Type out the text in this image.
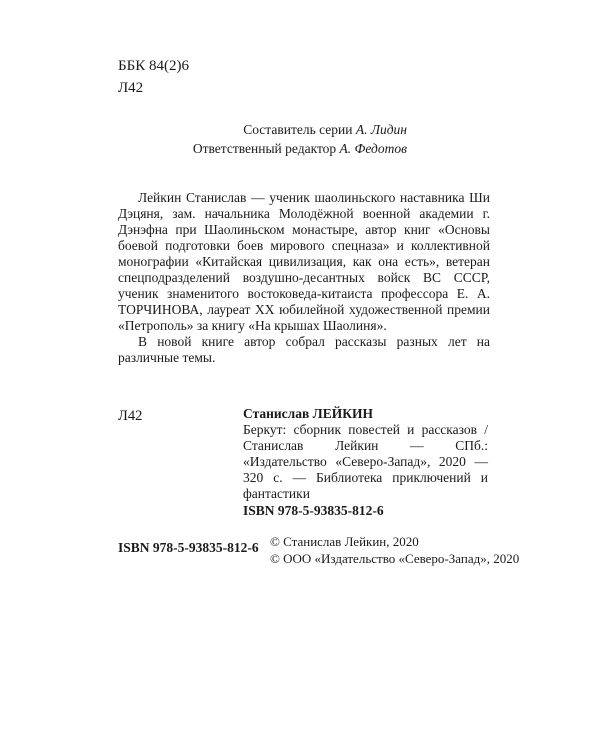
ББК 84(2)6
Л42
Составитель серии А. Лидин
Ответственный редактор А. Федотов

Лейкин Станислав — ученик шаолиньского наставника Ши Дэцяня, зам. начальника Молодёжной военной академии г. Дэнэфна при Шаолиньском монастыре, автор книг «Основы боевой подготовки боев мирового спецназа» и коллективной монографии «Китайская цивилизация, как она есть», ветеран спецподразделений воздушно-десантных войск ВС СССР, ученик знаменитого востоковеда-китаиста профессора Е. А. ТОРЧИНОВА, лауреат XX юбилейной художественной премии «Петрополь» за книгу «На крышах Шаолиня».

В новой книге автор собрал рассказы разных лет на различные темы.

Л42	Станислав ЛЕЙКИН
Беркут: сборник повестей и рассказов / Станислав Лейкин — СПб.: «Издательство «Северо-Запад», 2020 — 320 с. — Библиотека приключений и фантастики
ISBN 978-5-93835-812-6
ISBN 978-5-93835-812-6 © Станислав Лейкин, 2020
© ООО «Издательство «Северо-Запад», 2020
